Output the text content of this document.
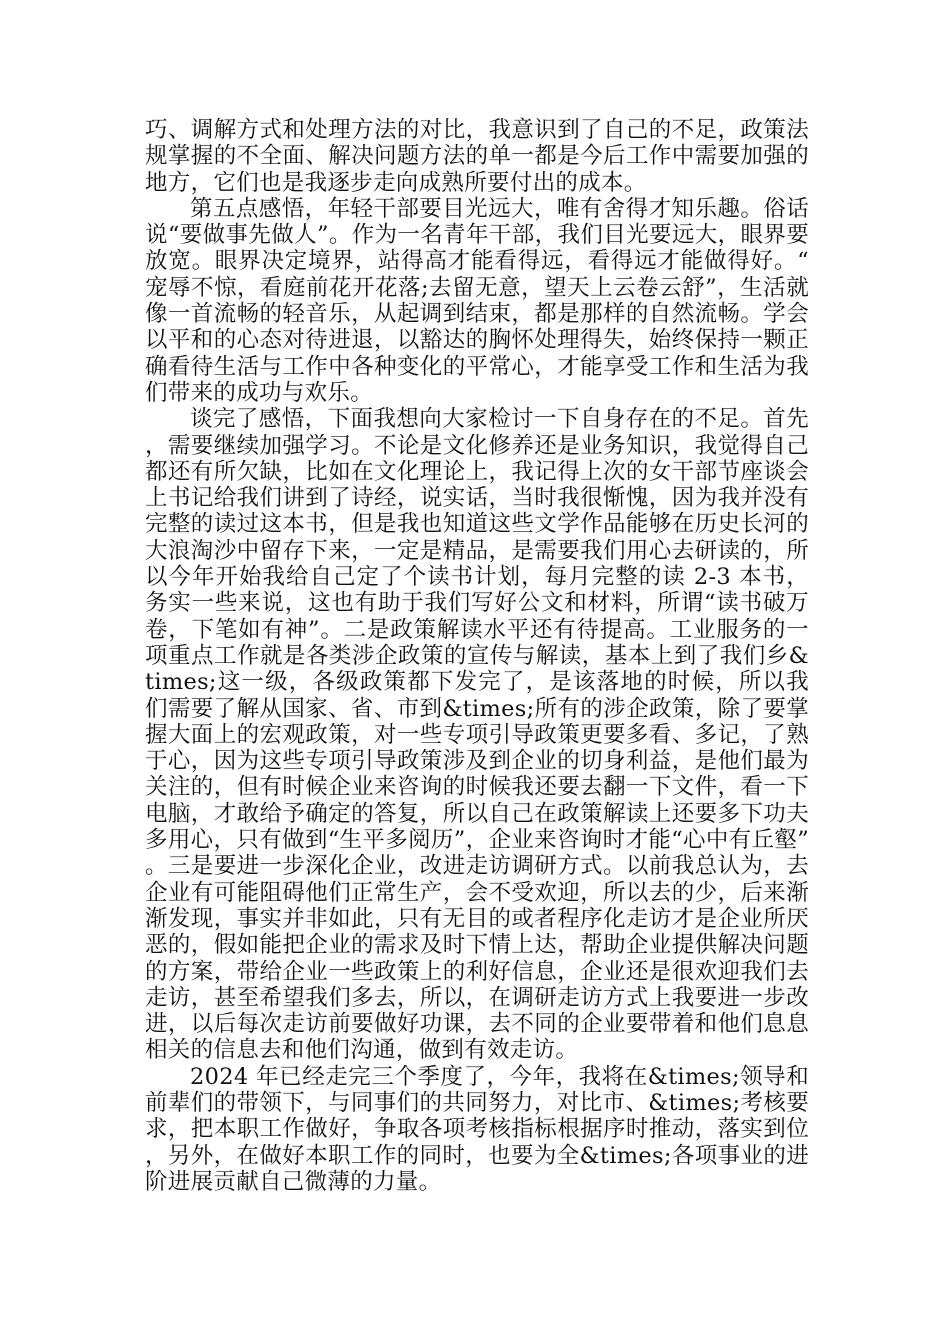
巧、调解方式和处理方法的对比，我意识到了自己的不足，政策法规掌握的不全面、解决问题方法的单一都是今后工作中需要加强的地方，它们也是我逐步走向成熟所要付出的成本。

第五点感悟，年轻干部要目光远大，唯有舍得才知乐趣。俗话说“要做事先做人”。作为一名青年干部，我们目光要远大，眼界要放宽。眼界决定境界，站得高才能看得远，看得远才能做得好。“宠辱不惊，看庭前花开花落;去留无意，望天上云卷云舒”，生活就像一首流畅的轻音乐，从起调到结束，都是那样的自然流畅。学会以平和的心态对待进退，以豁达的胸怀处理得失，始终保持一颗正确看待生活与工作中各种变化的平常心，才能享受工作和生活为我们带来的成功与欢乐。

谈完了感悟，下面我想向大家检讨一下自身存在的不足。首先，需要继续加强学习。不论是文化修养还是业务知识，我觉得自己都还有所欠缺，比如在文化理论上，我记得上次的女干部节座谈会上书记给我们讲到了诗经，说实话，当时我很惭愧，因为我并没有完整的读过这本书，但是我也知道这些文学作品能够在历史长河的大浪淘沙中留存下来，一定是精品，是需要我们用心去研读的，所以今年开始我给自己定了个读书计划，每月完整的读 2-3 本书，务实一些来说，这也有助于我们写好公文和材料，所谓“读书破万卷，下笔如有神”。二是政策解读水平还有待提高。工业服务的一项重点工作就是各类涉企政策的宣传与解读，基本上到了我们乡&times;这一级，各级政策都下发完了，是该落地的时候，所以我们需要了解从国家、省、市到&times;所有的涉企政策，除了要掌握大面上的宏观政策，对一些专项引导政策更要多看、多记，了熟于心，因为这些专项引导政策涉及到企业的切身利益，是他们最为关注的，但有时候企业来咨询的时候我还要去翻一下文件，看一下电脑，才敢给予确定的答复，所以自己在政策解读上还要多下功夫多用心，只有做到“生平多阅历”，企业来咨询时才能“心中有丘壑”。三是要进一步深化企业，改进走访调研方式。以前我总认为，去企业有可能阻碍他们正常生产，会不受欢迎，所以去的少，后来渐渐发现，事实并非如此，只有无目的或者程序化走访才是企业所厌恶的，假如能把企业的需求及时下情上达，帮助企业提供解决问题的方案，带给企业一些政策上的利好信息，企业还是很欢迎我们去走访，甚至希望我们多去，所以，在调研走访方式上我要进一步改进，以后每次走访前要做好功课，去不同的企业要带着和他们息息相关的信息去和他们沟通，做到有效走访。

2024 年已经走完三个季度了，今年，我将在&times;领导和前辈们的带领下，与同事们的共同努力，对比市、&times;考核要求，把本职工作做好，争取各项考核指标根据序时推动，落实到位，另外，在做好本职工作的同时，也要为全&times;各项事业的进阶进展贡献自己微薄的力量。
